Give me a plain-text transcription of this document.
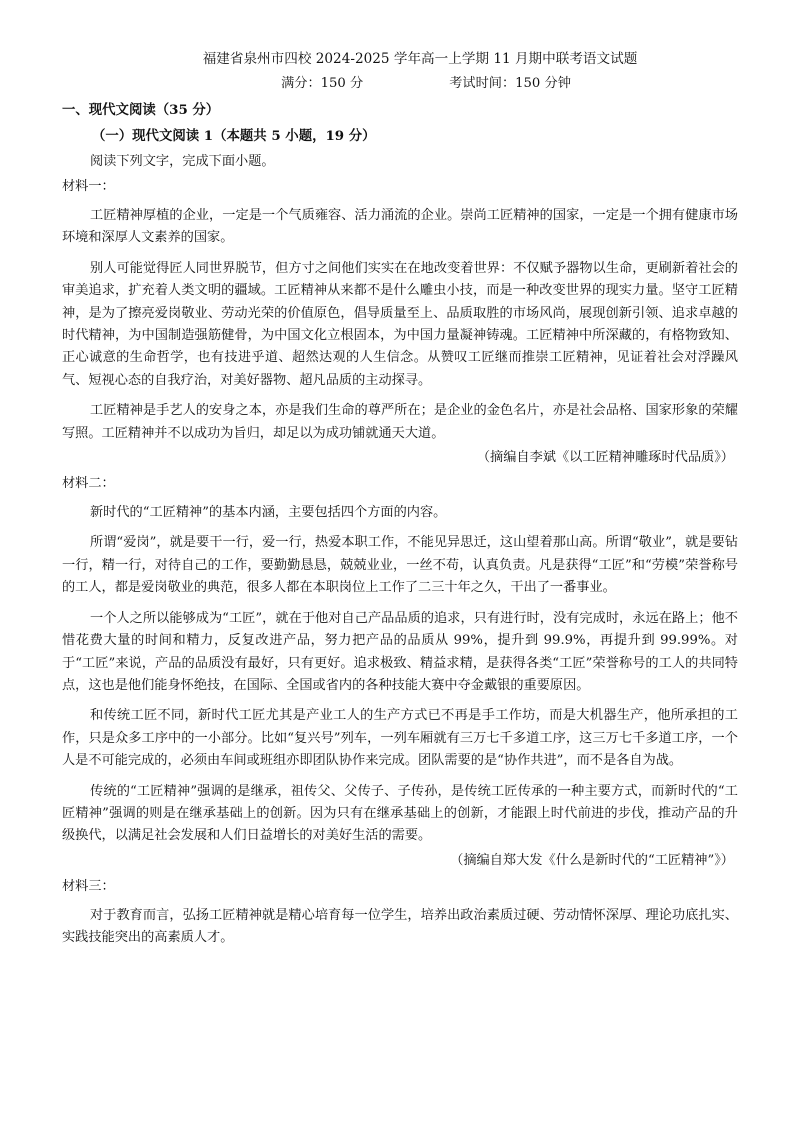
福建省泉州市四校 2024-2025 学年高一上学期 11 月期中联考语文试题
满分：150 分	考试时间：150 分钟
一、现代文阅读（35 分）
（一）现代文阅读 1（本题共 5 小题，19 分）
阅读下列文字，完成下面小题。
材料一：

工匠精神厚植的企业，一定是一个气质雍容、活力涌流的企业。崇尚工匠精神的国家，一定是一个拥有健康市场环境和深厚人文素养的国家。

别人可能觉得匠人同世界脱节，但方寸之间他们实实在在地改变着世界：不仅赋予器物以生命，更刷新着社会的审美追求，扩充着人类文明的疆域。工匠精神从来都不是什么雕虫小技，而是一种改变世界的现实力量。坚守工匠精神，是为了擦亮爱岗敬业、劳动光荣的价值原色，倡导质量至上、品质取胜的市场风尚，展现创新引领、追求卓越的时代精神，为中国制造强筋健骨，为中国文化立根固本，为中国力量凝神铸魂。工匠精神中所深藏的，有格物致知、正心诚意的生命哲学，也有技进乎道、超然达观的人生信念。从赞叹工匠继而推崇工匠精神，见证着社会对浮躁风气、短视心态的自我疗治，对美好器物、超凡品质的主动探寻。

工匠精神是手艺人的安身之本，亦是我们生命的尊严所在；是企业的金色名片，亦是社会品格、国家形象的荣耀写照。工匠精神并不以成功为旨归，却足以为成功铺就通天大道。

（摘编自李斌《以工匠精神雕琢时代品质》）
材料二：

新时代的“工匠精神”的基本内涵，主要包括四个方面的内容。

所谓“爱岗”，就是要干一行，爱一行，热爱本职工作，不能见异思迁，这山望着那山高。所谓“敬业”，就是要钻一行，精一行，对待自己的工作，要勤勤恳恳，兢兢业业，一丝不苟，认真负责。凡是获得“工匠”和“劳模”荣誉称号的工人，都是爱岗敬业的典范，很多人都在本职岗位上工作了二三十年之久，干出了一番事业。

一个人之所以能够成为“工匠”，就在于他对自己产品品质的追求，只有进行时，没有完成时，永远在路上；他不惜花费大量的时间和精力，反复改进产品，努力把产品的品质从 99%，提升到 99.9%，再提升到 99.99%。对于“工匠”来说，产品的品质没有最好，只有更好。追求极致、精益求精，是获得各类“工匠”荣誉称号的工人的共同特点，这也是他们能身怀绝技，在国际、全国或省内的各种技能大赛中夺金戴银的重要原因。

和传统工匠不同，新时代工匠尤其是产业工人的生产方式已不再是手工作坊，而是大机器生产，他所承担的工作，只是众多工序中的一小部分。比如“复兴号”列车，一列车厢就有三万七千多道工序，这三万七千多道工序，一个人是不可能完成的，必须由车间或班组亦即团队协作来完成。团队需要的是“协作共进”，而不是各自为战。

传统的“工匠精神”强调的是继承，祖传父、父传子、子传孙，是传统工匠传承的一种主要方式，而新时代的“工匠精神”强调的则是在继承基础上的创新。因为只有在继承基础上的创新，才能跟上时代前进的步伐，推动产品的升级换代，以满足社会发展和人们日益增长的对美好生活的需要。

（摘编自郑大发《什么是新时代的“工匠精神”》）
材料三：

对于教育而言，弘扬工匠精神就是精心培育每一位学生，培养出政治素质过硬、劳动情怀深厚、理论功底扎实、实践技能突出的高素质人才。
